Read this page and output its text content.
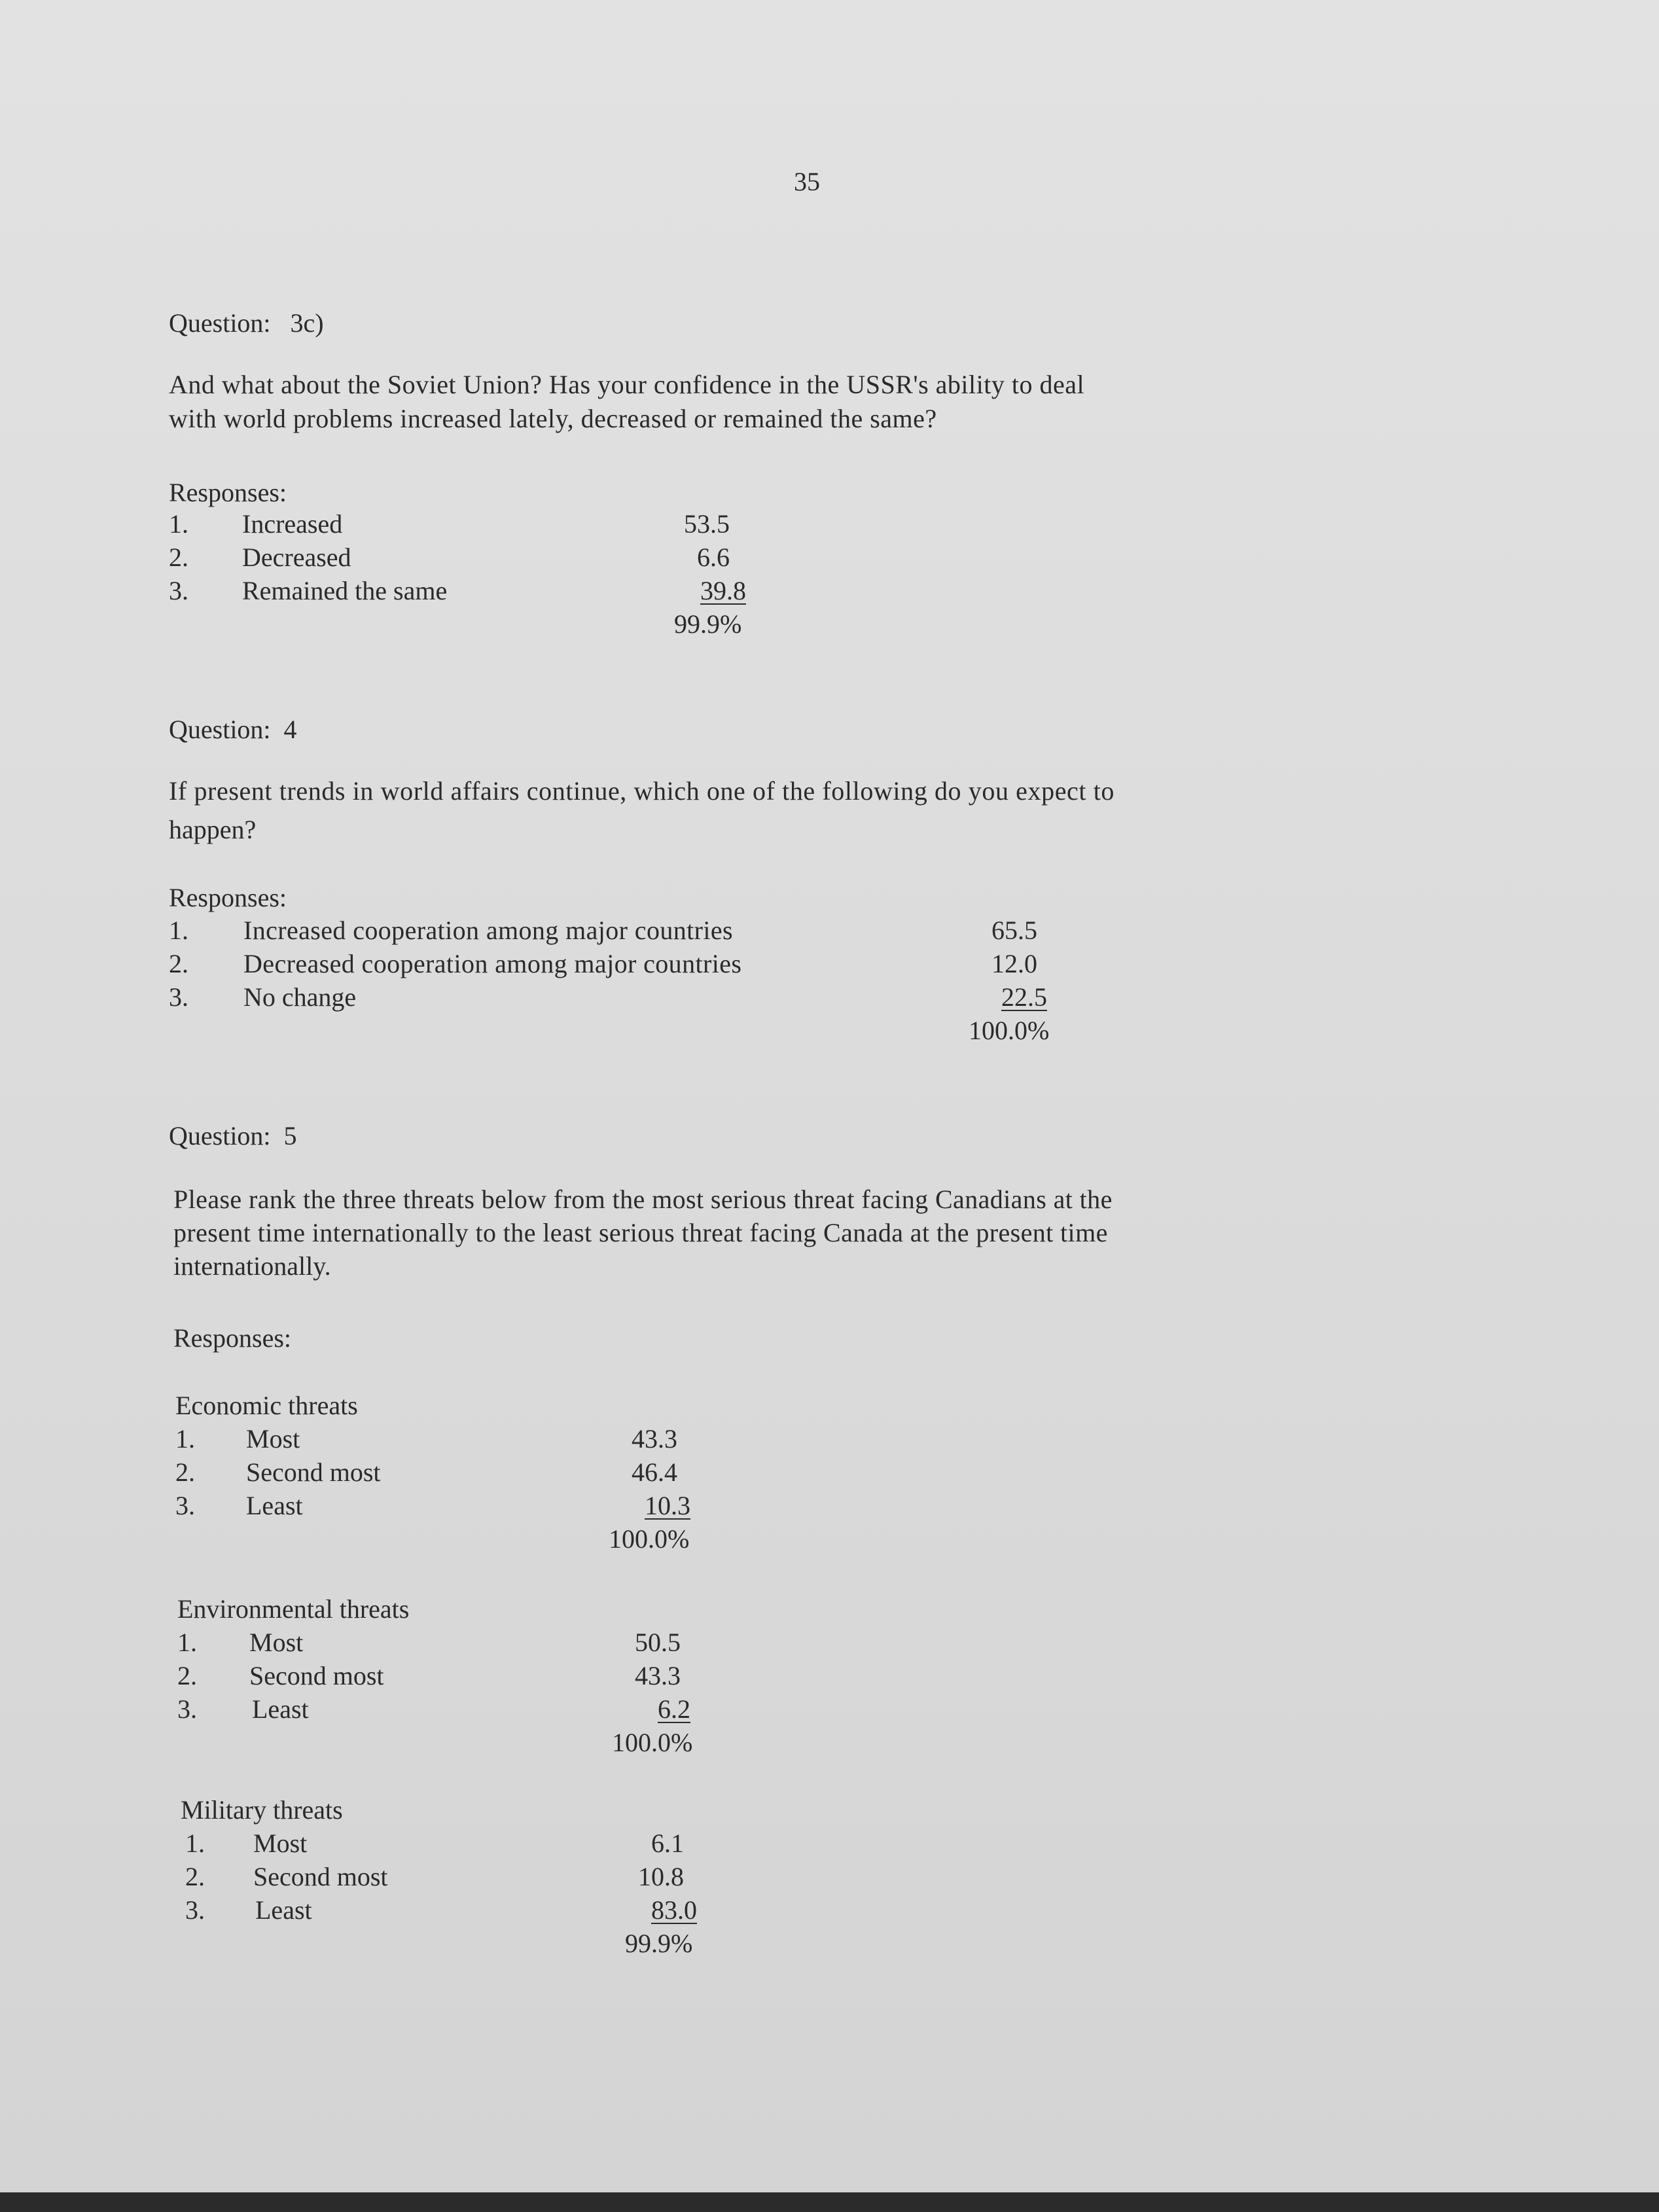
35
Question:   3c)
And what about the Soviet Union? Has your confidence in the USSR's ability to deal
with world problems increased lately, decreased or remained the same?
Responses:
1. Increased	53.5
2. Decreased	6.6
3. Remained the same	39.8
99.9%
Question:  4
If present trends in world affairs continue, which one of the following do you expect to
happen?
Responses:
1. Increased cooperation among major countries	65.5
2. Decreased cooperation among major countries	12.0
3. No change	22.5
100.0%
Question:  5
Please rank the three threats below from the most serious threat facing Canadians at the
present time internationally to the least serious threat facing Canada at the present time
internationally.
Responses:
Economic threats
1. Most	43.3
2. Second most	46.4
3. Least	10.3
100.0%
Environmental threats
1. Most	50.5
2. Second most	43.3
3. Least	6.2
100.0%
Military threats
1. Most	6.1
2. Second most	10.8
3. Least	83.0
99.9%
